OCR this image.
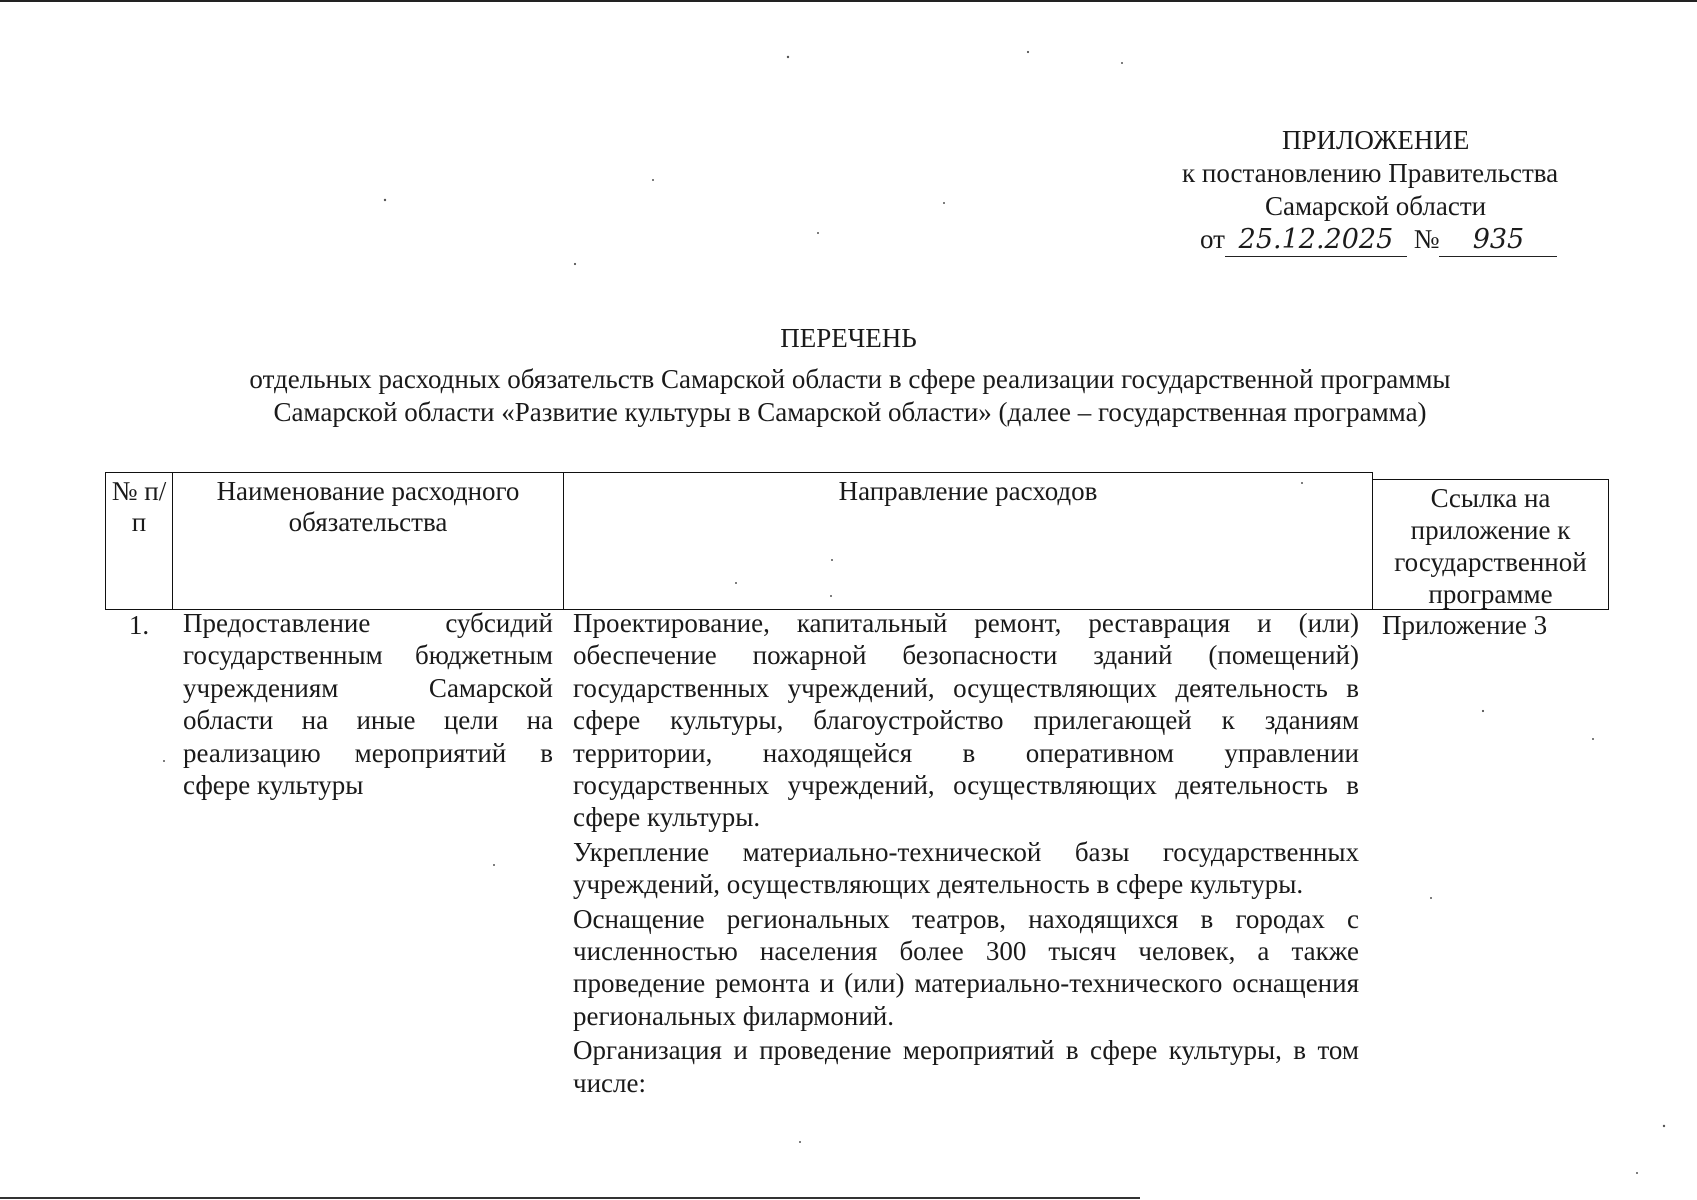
ПРИЛОЖЕНИЕ
к постановлению Правительства
Самарской области
от 25.12.2025 № 935
ПЕРЕЧЕНЬ
отдельных расходных обязательств Самарской области в сфере реализации государственной программы
Самарской области «Развитие культуры в Самарской области» (далее – государственная программа)
№ п/п
Наименование расходного обязательства
Направление расходов	Ссылка на приложение к государственной программе
1.	Предоставление субсидий государственным бюджетным учреждениям Самарской области на иные цели на реализацию мероприятий в сфере культуры

Проектирование, капитальный ремонт, реставрация и (или) обеспечение пожарной безопасности зданий (помещений) государственных учреждений, осуществляющих деятельность в сфере культуры, благоустройство прилегающей к зданиям территории, находящейся в оперативном управлении государственных учреждений, осуществляющих деятельность в сфере культуры.

Укрепление материально-технической базы государственных учреждений, осуществляющих деятельность в сфере культуры.

Оснащение региональных театров, находящихся в городах с численностью населения более 300 тысяч человек, а также проведение ремонта и (или) материально-технического оснащения региональных филармоний.

Организация и проведение мероприятий в сфере культуры, в том числе:

Приложение 3
